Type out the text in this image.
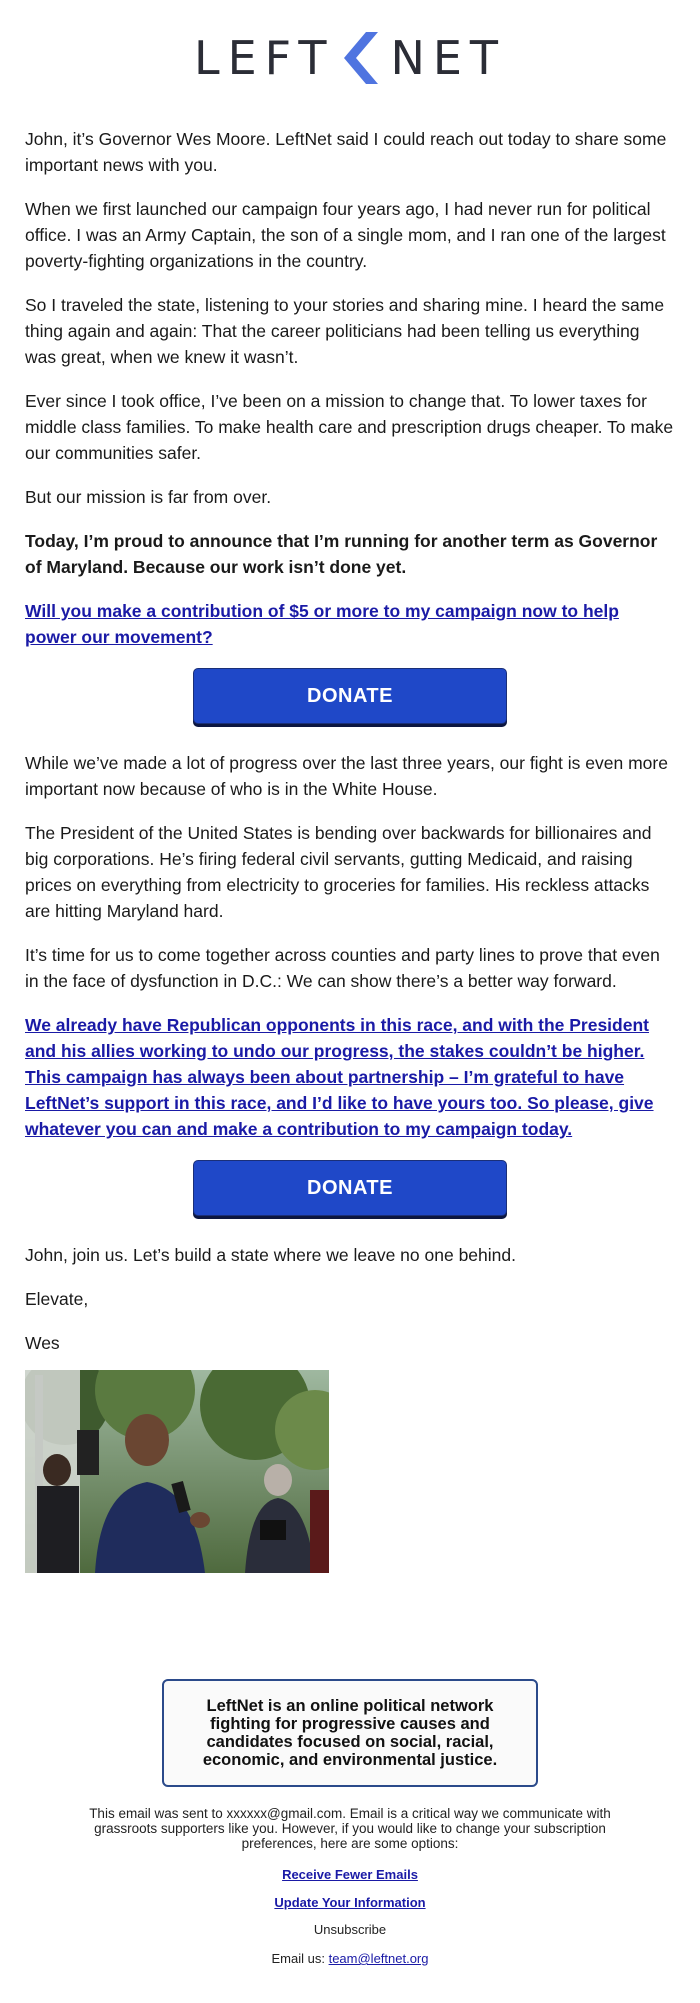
LEFT NET

John, it’s Governor Wes Moore. LeftNet said I could reach out today to share some important news with you.

When we first launched our campaign four years ago, I had never run for political office. I was an Army Captain, the son of a single mom, and I ran one of the largest poverty-fighting organizations in the country.

So I traveled the state, listening to your stories and sharing mine. I heard the same thing again and again: That the career politicians had been telling us everything was great, when we knew it wasn’t.

Ever since I took office, I’ve been on a mission to change that. To lower taxes for middle class families. To make health care and prescription drugs cheaper. To make our communities safer.

But our mission is far from over.

Today, I’m proud to announce that I’m running for another term as Governor of Maryland. Because our work isn’t done yet.

Will you make a contribution of $5 or more to my campaign now to help power our movement?

DONATE

While we’ve made a lot of progress over the last three years, our fight is even more important now because of who is in the White House.

The President of the United States is bending over backwards for billionaires and big corporations. He’s firing federal civil servants, gutting Medicaid, and raising prices on everything from electricity to groceries for families. His reckless attacks are hitting Maryland hard.

It’s time for us to come together across counties and party lines to prove that even in the face of dysfunction in D.C.: We can show there’s a better way forward.

We already have Republican opponents in this race, and with the President and his allies working to undo our progress, the stakes couldn’t be higher. This campaign has always been about partnership – I’m grateful to have LeftNet’s support in this race, and I’d like to have yours too. So please, give whatever you can and make a contribution to my campaign today.

DONATE

John, join us. Let’s build a state where we leave no one behind.

Elevate,

Wes

LeftNet is an online political network fighting for progressive causes and candidates focused on social, racial, economic, and environmental justice.
This email was sent to xxxxxx@gmail.com. Email is a critical way we communicate with grassroots supporters like you. However, if you would like to change your subscription preferences, here are some options:
Receive Fewer Emails
Update Your Information
Unsubscribe
Email us: team@leftnet.org
